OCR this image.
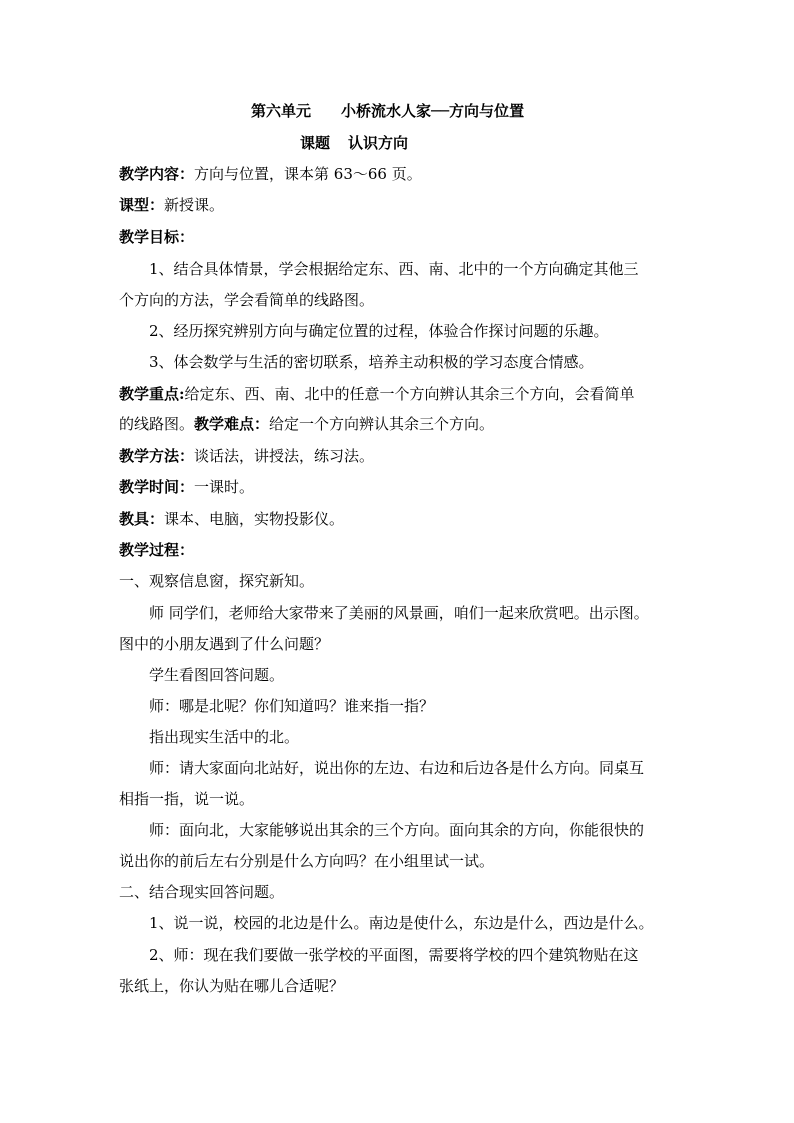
第六单元 小桥流水人家──方向与位置
课题 认识方向
教学内容：方向与位置，课本第 63～66 页。
课型：新授课。
教学目标：
1、结合具体情景，学会根据给定东、西、南、北中的一个方向确定其他三
个方向的方法，学会看简单的线路图。
2、经历探究辨别方向与确定位置的过程，体验合作探讨问题的乐趣。
3、体会数学与生活的密切联系，培养主动积极的学习态度合情感。
教学重点:给定东、西、南、北中的任意一个方向辨认其余三个方向，会看简单
的线路图。教学难点：给定一个方向辨认其余三个方向。
教学方法：谈话法，讲授法，练习法。
教学时间：一课时。
教具：课本、电脑，实物投影仪。
教学过程：
一、观察信息窗，探究新知。
师 同学们，老师给大家带来了美丽的风景画，咱们一起来欣赏吧。出示图。
图中的小朋友遇到了什么问题？
学生看图回答问题。
师：哪是北呢？你们知道吗？谁来指一指？
指出现实生活中的北。
师：请大家面向北站好，说出你的左边、右边和后边各是什么方向。同桌互
相指一指，说一说。
师：面向北，大家能够说出其余的三个方向。面向其余的方向，你能很快的
说出你的前后左右分别是什么方向吗？在小组里试一试。
二、结合现实回答问题。
1、说一说，校园的北边是什么。南边是使什么，东边是什么，西边是什么。
2、师：现在我们要做一张学校的平面图，需要将学校的四个建筑物贴在这
张纸上，你认为贴在哪儿合适呢？
